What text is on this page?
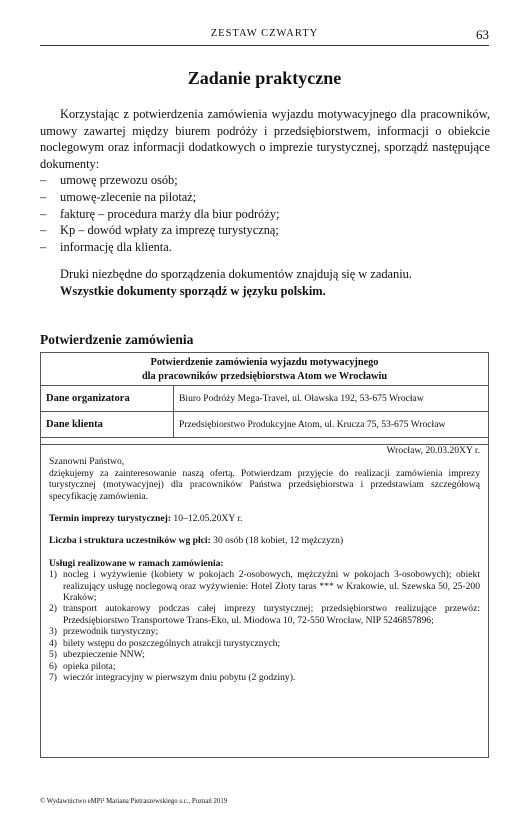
ZESTAW CZWARTY	63
Zadanie praktyczne

Korzystając z potwierdzenia zamówienia wyjazdu motywacyjnego dla pracowników, umowy zawartej między biurem podróży i przedsiębiorstwem, informacji o obiekcie noclegowym oraz informacji dodatkowych o imprezie turystycznej, sporządź następujące dokumenty:

– umowę przewozu osób;
– umowę-zlecenie na pilotaż;
– fakturę – procedura marży dla biur podróży;
– Kp – dowód wpłaty za imprezę turystyczną;
– informację dla klienta.

Druki niezbędne do sporządzenia dokumentów znajdują się w zadaniu.

Wszystkie dokumenty sporządź w języku polskim.

Potwierdzenie zamówienia
Potwierdzenie zamówienia wyjazdu motywacyjnego
dla pracowników przedsiębiorstwa Atom we Wrocławiu
Dane organizatora	Biuro Podróży Mega-Travel, ul. Oławska 192, 53-675 Wrocław
Dane klienta	Przedsiębiorstwo Produkcyjne Atom, ul. Krucza 75, 53-675 Wrocław

Wrocław, 20.03.20XY r.

Szanowni Państwo,

dziękujemy za zainteresowanie naszą ofertą. Potwierdzam przyjęcie do realizacji zamówienia imprezy turystycznej (motywacyjnej) dla pracowników Państwa przedsiębiorstwa i przedstawiam szczegółową specyfikację zamówienia.

Termin imprezy turystycznej: 10–12.05.20XY r.

Liczba i struktura uczestników wg płci: 30 osób (18 kobiet, 12 mężczyzn)

Usługi realizowane w ramach zamówienia:

1) nocleg i wyżywienie (kobiety w pokojach 2-osobowych, mężczyźni w pokojach 3-osobowych); obiekt realizujący usługę noclegową oraz wyżywienie: Hotel Złoty taras *** w Krakowie, ul. Szewska 50, 25-200 Kraków;
2) transport autokarowy podczas całej imprezy turystycznej; przedsiębiorstwo realizujące przewóz: Przedsiębiorstwo Transportowe Trans-Eko, ul. Miodowa 10, 72-550 Wrocław, NIP 5246857896;
3) przewodnik turystyczny;
4) bilety wstępu do poszczególnych atrakcji turystycznych;
5) ubezpieczenie NNW;
6) opieka pilota;
7) wieczór integracyjny w pierwszym dniu pobytu (2 godziny).
© Wydawnictwo eMPi² Mariana Pietraszewskiego s.c., Poznań 2019
